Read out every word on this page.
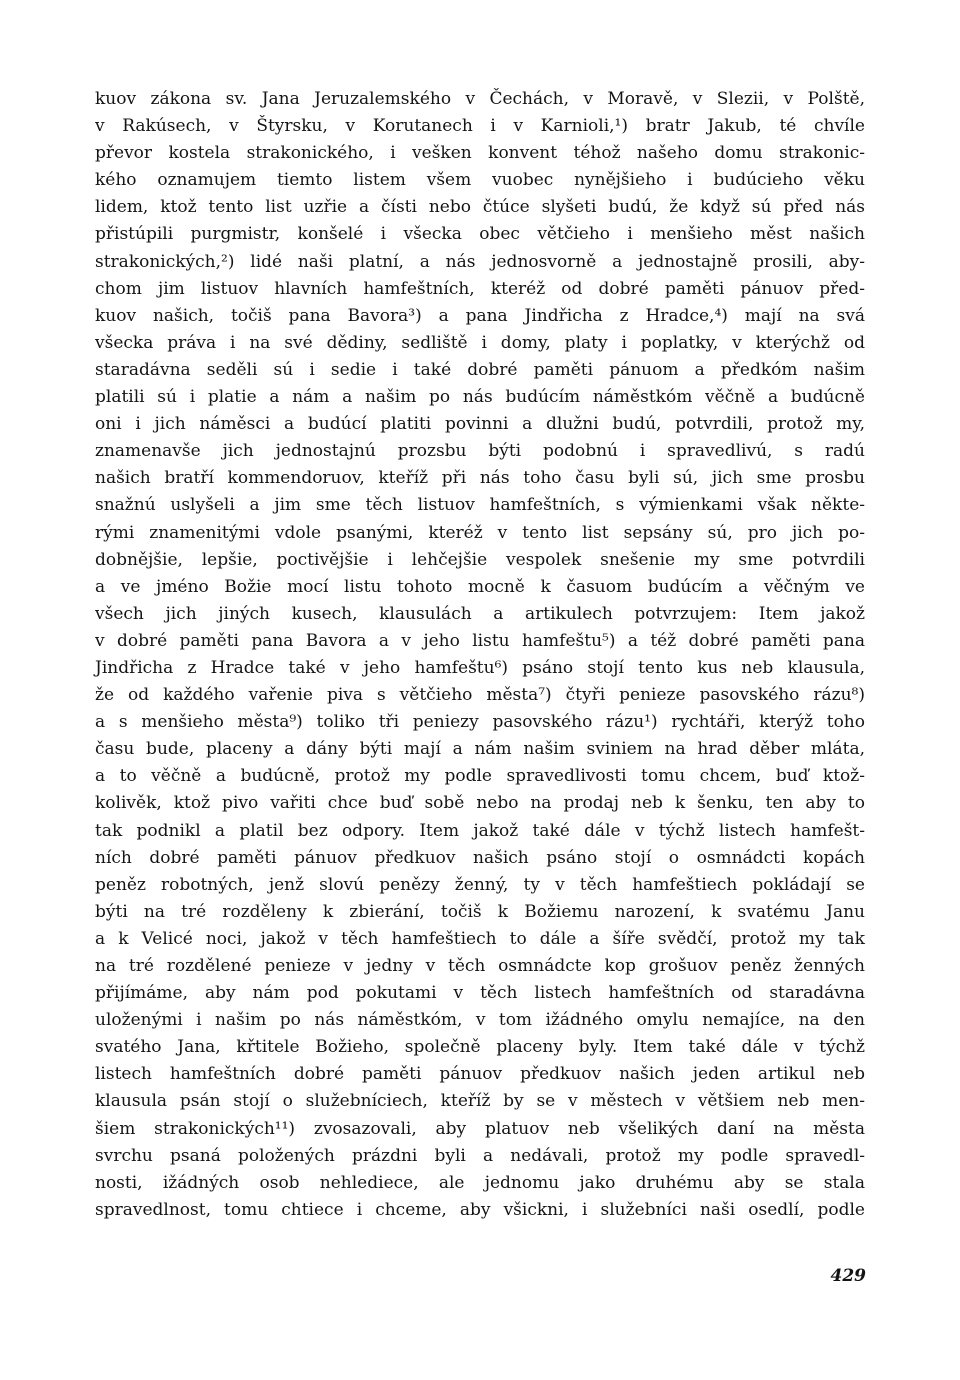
kuov zákona sv. Jana Jeruzalemského v Čechách, v Moravě, v Slezii, v Polště,
v Rakúsech, v Štyrsku, v Korutanech i v Karnioli,¹) bratr Jakub, té chvíle
převor kostela strakonického, i vešken konvent téhož našeho domu strakonic-
kého oznamujem tiemto listem všem vuobec nynějšieho i budúcieho věku
lidem, ktož tento list uzřie a čísti nebo čtúce slyšeti budú, že když sú před nás
přistúpili purgmistr, konšelé i všecka obec větčieho i menšieho měst našich
strakonických,²) lidé naši platní, a nás jednosvorně a jednostajně prosili, aby-
chom jim listuov hlavních hamfeštních, kteréž od dobré paměti pánuov před-
kuov našich, točiš pana Bavora³) a pana Jindřicha z Hradce,⁴) mají na svá
všecka práva i na své dědiny, sedliště i domy, platy i poplatky, v kterýchž od
staradávna seděli sú i sedie i také dobré paměti pánuom a předkóm našim
platili sú i platie a nám a našim po nás budúcím náměstkóm věčně a budúcně
oni i jich náměsci a budúcí platiti povinni a dlužni budú, potvrdili, protož my,
znamenavše jich jednostajnú prozsbu býti podobnú i spravedlivú, s radú
našich bratří kommendoruov, kteříž při nás toho času byli sú, jich sme prosbu
snažnú uslyšeli a jim sme těch listuov hamfeštních, s výmienkami však někte-
rými znamenitými vdole psanými, kteréž v tento list sepsány sú, pro jich po-
dobnějšie, lepšie, poctivějšie i lehčejšie vespolek snešenie my sme potvrdili
a ve jméno Božie mocí listu tohoto mocně k časuom budúcím a věčným ve
všech jich jiných kusech, klausulách a artikulech potvrzujem: Item jakož
v dobré paměti pana Bavora a v jeho listu hamfeštu⁵) a též dobré paměti pana
Jindřicha z Hradce také v jeho hamfeštu⁶) psáno stojí tento kus neb klausula,
že od každého vařenie piva s větčieho města⁷) čtyři penieze pasovského rázu⁸)
a s menšieho města⁹) toliko tři peniezy pasovského rázu¹) rychtáři, kterýž toho
času bude, placeny a dány býti mají a nám našim sviniem na hrad děber mláta,
a to věčně a budúcně, protož my podle spravedlivosti tomu chcem, buď ktož-
kolivěk, ktož pivo vařiti chce buď sobě nebo na prodaj neb k šenku, ten aby to
tak podnikl a platil bez odpory. Item jakož také dále v týchž listech hamfešt-
ních dobré paměti pánuov předkuov našich psáno stojí o osmnádcti kopách
peněz robotných, jenž slovú penězy ženný, ty v těch hamfeštiech pokládají se
býti na tré rozděleny k zbierání, točiš k Božiemu narození, k svatému Janu
a k Velicé noci, jakož v těch hamfeštiech to dále a šíře svědčí, protož my tak
na tré rozdělené penieze v jedny v těch osmnádcte kop grošuov peněz ženných
přijímáme, aby nám pod pokutami v těch listech hamfeštních od staradávna
uloženými i našim po nás náměstkóm, v tom ižádného omylu nemajíce, na den
svatého Jana, křtitele Božieho, společně placeny byly. Item také dále v týchž
listech hamfeštních dobré paměti pánuov předkuov našich jeden artikul neb
klausula psán stojí o služebníciech, kteříž by se v městech v většiem neb men-
šiem strakonických¹¹) zvosazovali, aby platuov neb všelikých daní na města
svrchu psaná položených prázdni byli a nedávali, protož my podle spravedl-
nosti, ižádných osob nehlediece, ale jednomu jako druhému aby se stala
spravedlnost, tomu chtiece i chceme, aby všickni, i služebníci naši osedlí, podle
429
